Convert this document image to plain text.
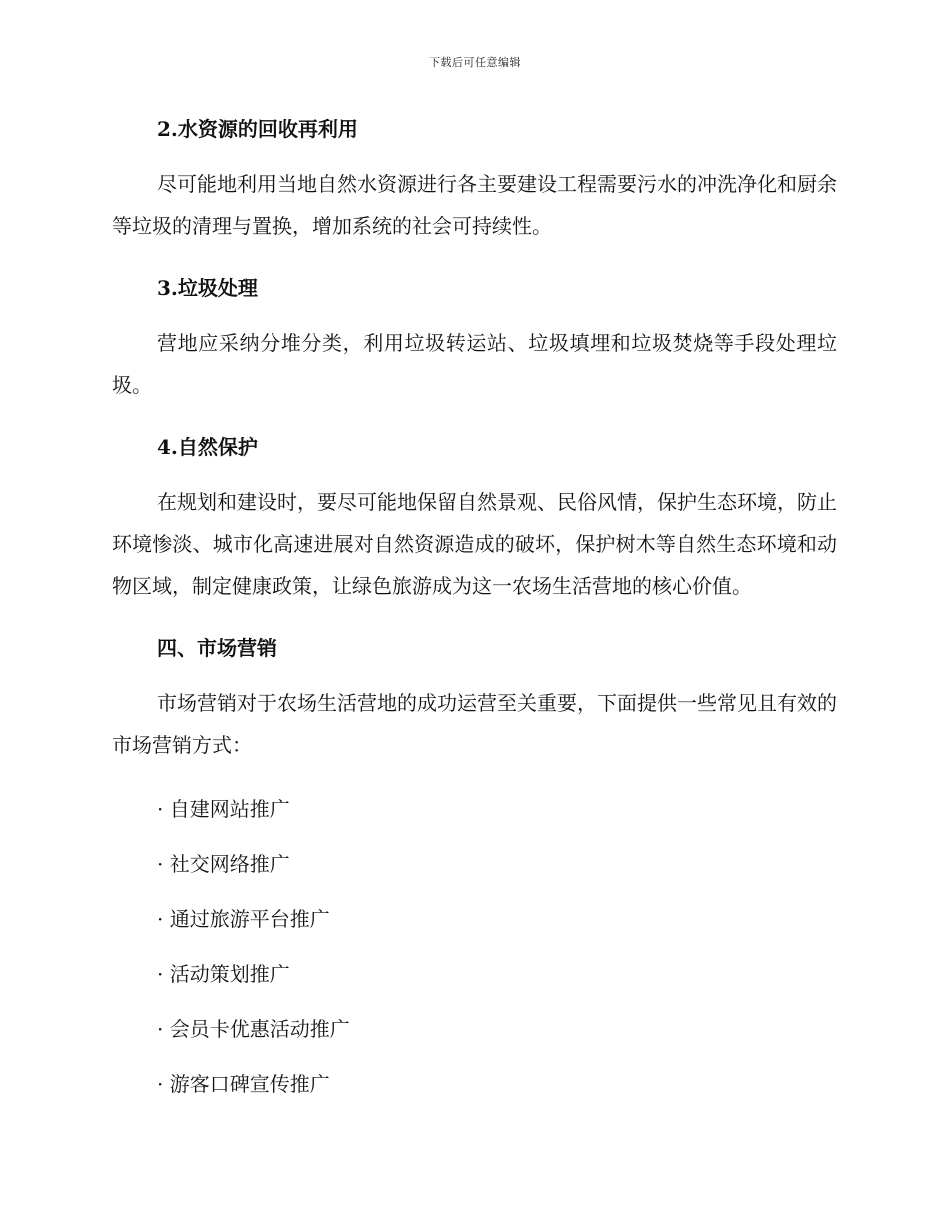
下载后可任意编辑

2.水资源的回收再利用

尽可能地利用当地自然水资源进行各主要建设工程需要污水的冲洗净化和厨余等垃圾的清理与置换，增加系统的社会可持续性。

3.垃圾处理

营地应采纳分堆分类，利用垃圾转运站、垃圾填埋和垃圾焚烧等手段处理垃圾。

4.自然保护

在规划和建设时，要尽可能地保留自然景观、民俗风情，保护生态环境，防止环境惨淡、城市化高速进展对自然资源造成的破坏，保护树木等自然生态环境和动物区域，制定健康政策，让绿色旅游成为这一农场生活营地的核心价值。

四、市场营销

市场营销对于农场生活营地的成功运营至关重要，下面提供一些常见且有效的市场营销方式：

· 自建网站推广

· 社交网络推广

· 通过旅游平台推广

· 活动策划推广

· 会员卡优惠活动推广

· 游客口碑宣传推广
